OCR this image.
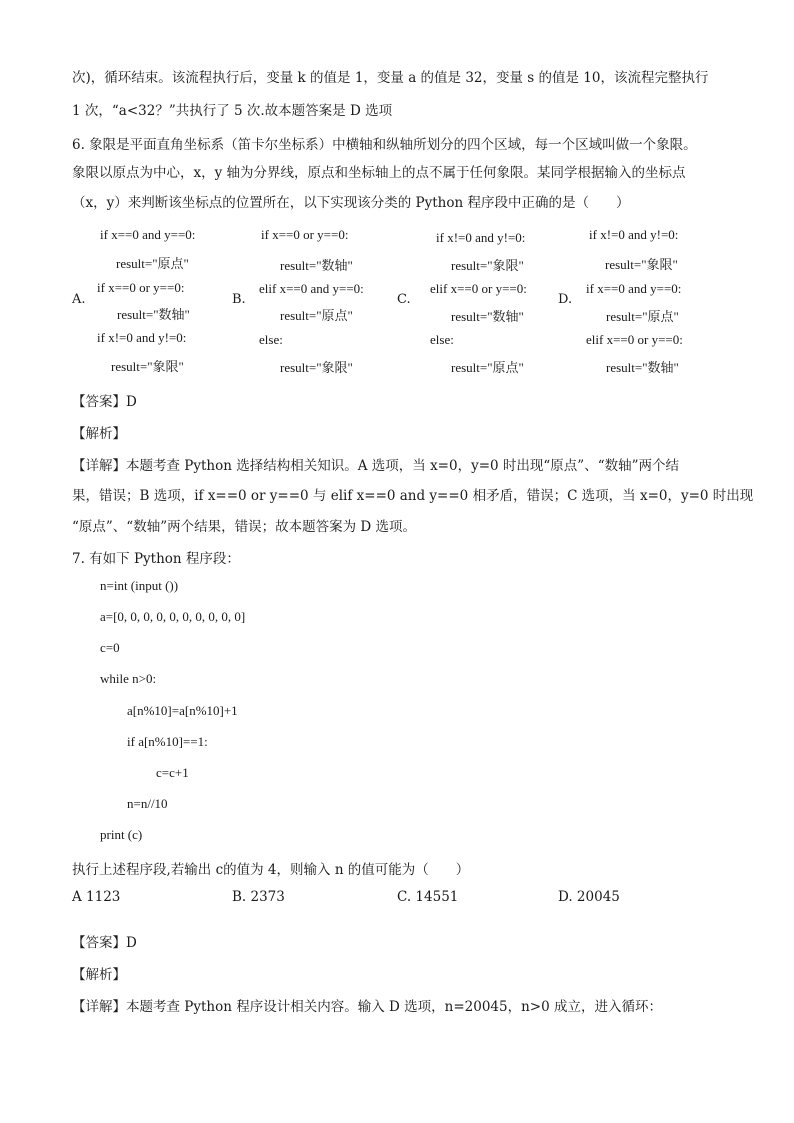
次)，循环结束。该流程执行后，变量 k 的值是 1，变量 a 的值是 32，变量 s 的值是 10，该流程完整执行
1 次，“a<32？”共执行了 5 次.故本题答案是 D 选项
6. 象限是平面直角坐标系（笛卡尔坐标系）中横轴和纵轴所划分的四个区域，每一个区域叫做一个象限。
象限以原点为中心，x，y 轴为分界线，原点和坐标轴上的点不属于任何象限。某同学根据输入的坐标点
（x，y）来判断该坐标点的位置所在，以下实现该分类的 Python 程序段中正确的是（　　）
if x==0 and y==0:
result="原点"
A.
if x==0 or y==0:
result="数轴"
if x!=0 and y!=0:
result="象限"
if x==0 or y==0:
result="数轴"
B.
elif x==0 and y==0:
result="原点"
else:
result="象限"
if x!=0 and y!=0:
result="象限"
C.
elif x==0 or y==0:
result="数轴"
else:
result="原点"
if x!=0 and y!=0:
result="象限"
D.
if x==0 and y==0:
result="原点"
elif x==0 or y==0:
result="数轴"
【答案】D
【解析】
【详解】本题考查 Python 选择结构相关知识。A 选项，当 x=0，y=0 时出现“原点”、“数轴”两个结
果，错误；B 选项，if x==0 or y==0 与 elif x==0 and y==0 相矛盾，错误；C 选项，当 x=0，y=0 时出现
“原点”、“数轴”两个结果，错误；故本题答案为 D 选项。
7. 有如下 Python 程序段：
n=int (input ())
a=[0, 0, 0, 0, 0, 0, 0, 0, 0, 0]
c=0
while n>0:
a[n%10]=a[n%10]+1
if a[n%10]==1:
c=c+1
n=n//10
print (c)
执行上述程序段,若输出 c的值为 4，则输入 n 的值可能为（　　）
A 1123	B. 2373	C. 14551	D. 20045
【答案】D
【解析】
【详解】本题考查 Python 程序设计相关内容。输入 D 选项，n=20045，n>0 成立，进入循环：
